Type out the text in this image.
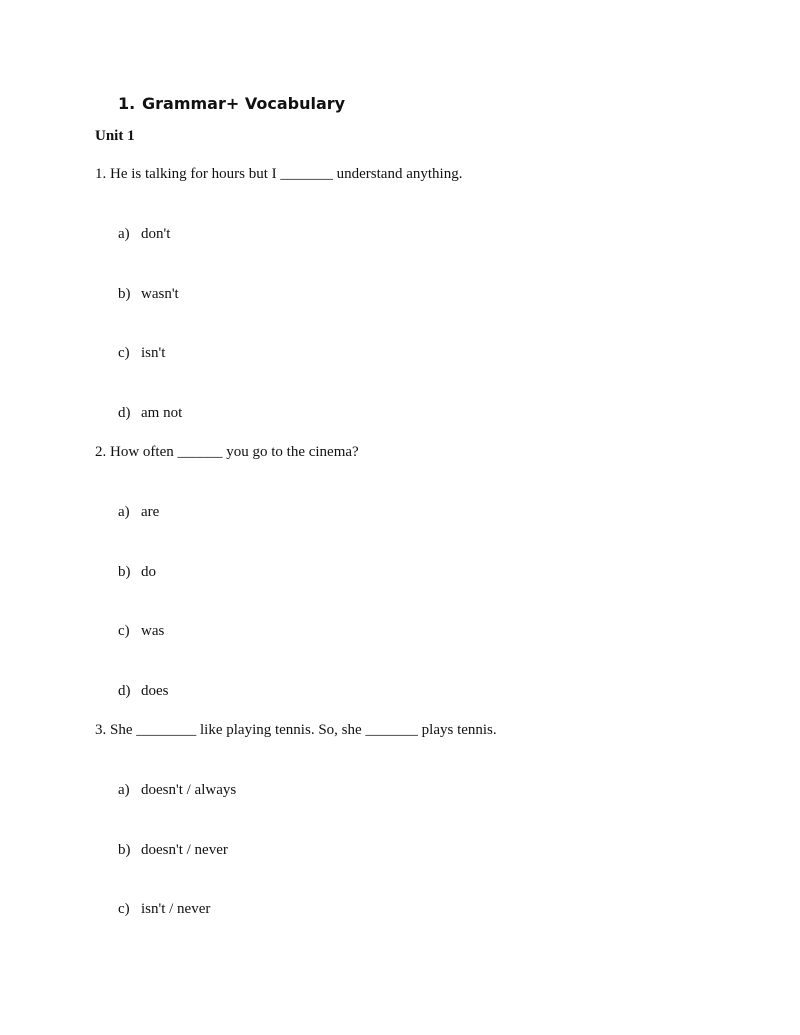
1. Grammar+ Vocabulary
Unit 1
1. He is talking for hours but I _______ understand anything.
a) don't
b) wasn't
c) isn't
d) am not
2. How often ______ you go to the cinema?
a) are
b) do
c) was
d) does
3. She ________ like playing tennis. So, she _______ plays tennis.
a) doesn't / always
b) doesn't / never
c) isn't / never
